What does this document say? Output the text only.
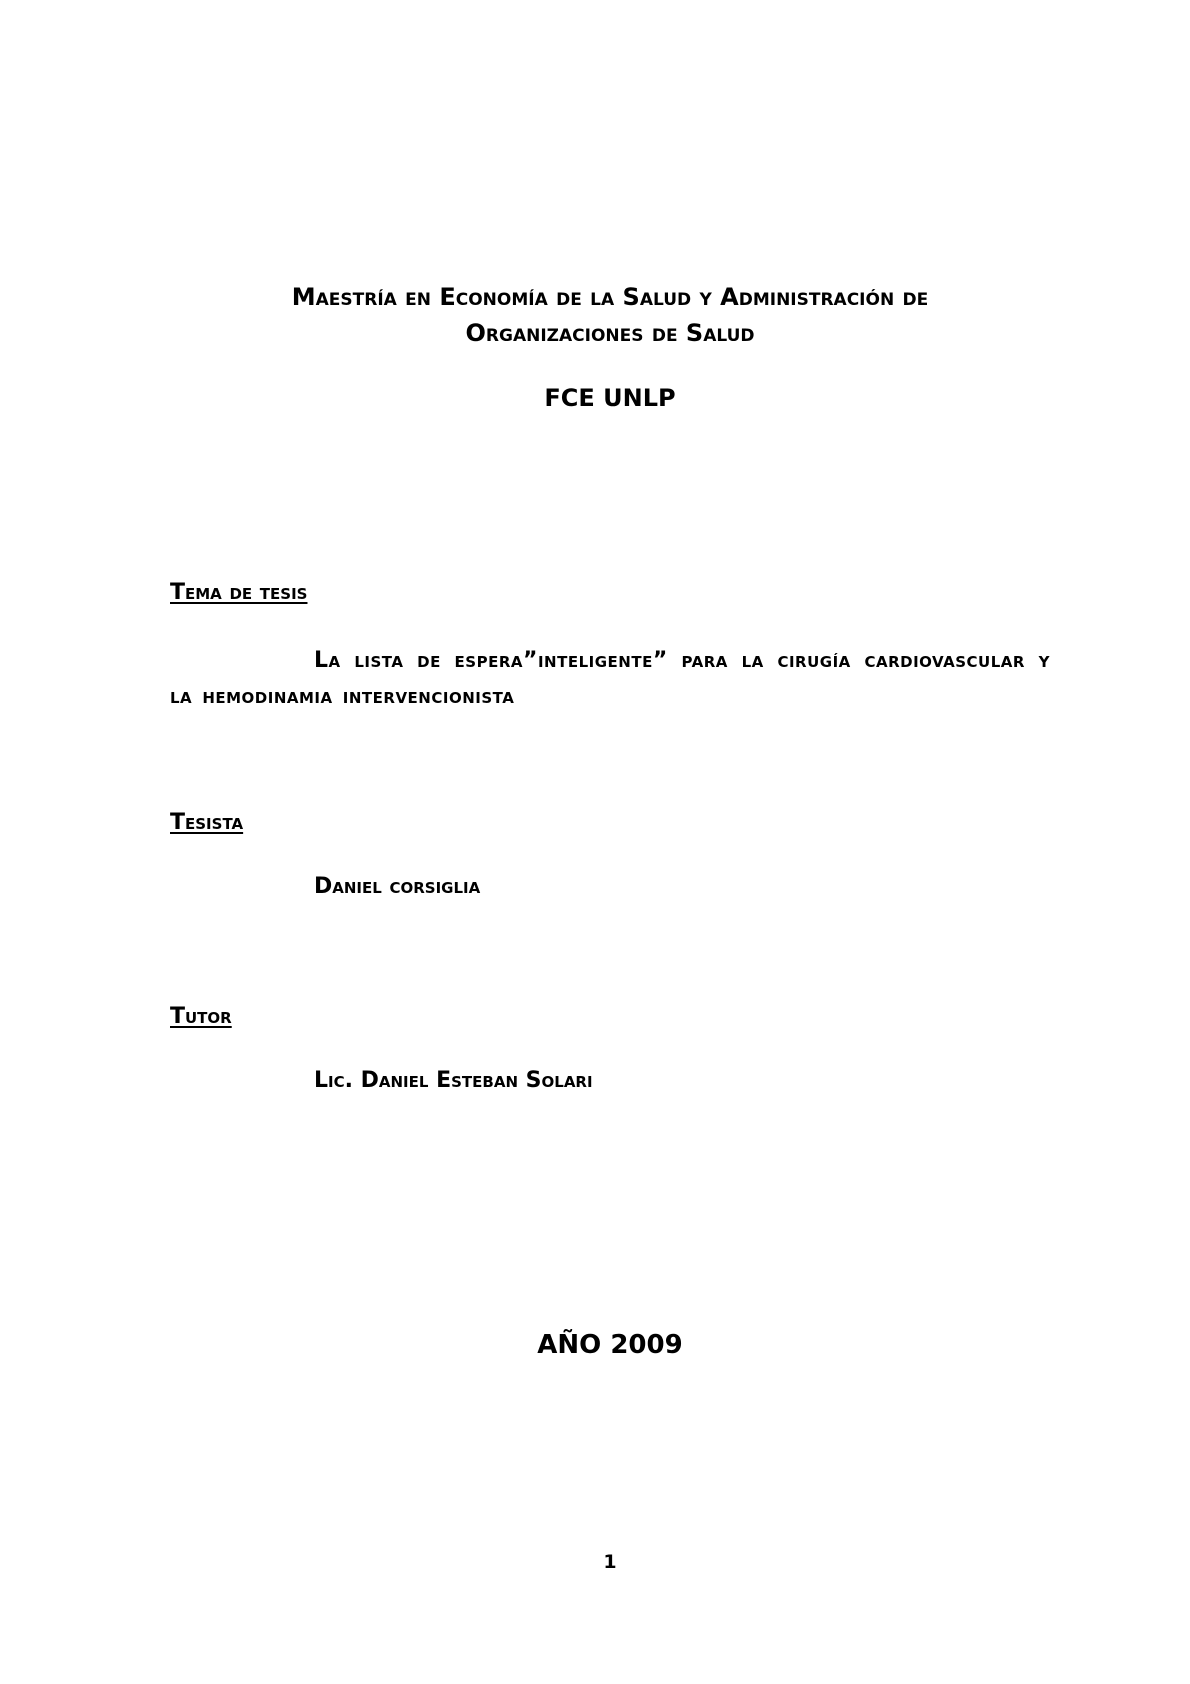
Maestría en Economía de la Salud y Administración de
Organizaciones de Salud
FCE UNLP
Tema de tesis
La lista de espera”inteligente” para la cirugía cardiovascular y la hemodinamia intervencionista
Tesista
Daniel corsiglia
Tutor
Lic. Daniel Esteban Solari
AÑO 2009
1
